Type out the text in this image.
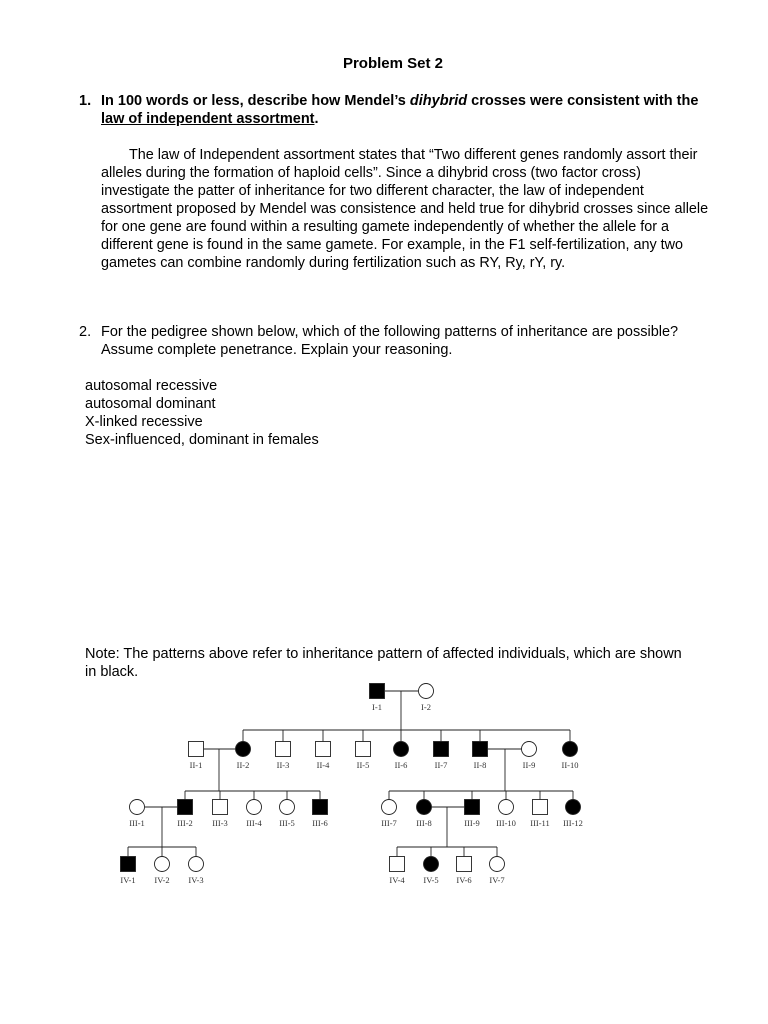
Problem Set 2
1. In 100 words or less, describe how Mendel’s dihybrid crosses were consistent with the law of independent assortment.
The law of Independent assortment states that “Two different genes randomly assort their alleles during the formation of haploid cells”. Since a dihybrid cross (two factor cross) investigate the patter of inheritance for two different character, the law of independent assortment proposed by Mendel was consistence and held true for dihybrid crosses since allele for one gene are found within a resulting gamete independently of whether the allele for a different gene is found in the same gamete. For example, in the F1 self-fertilization, any two gametes can combine randomly during fertilization such as RY, Ry, rY, ry.
2. For the pedigree shown below, which of the following patterns of inheritance are possible? Assume complete penetrance. Explain your reasoning.
autosomal recessive
autosomal dominant
X-linked recessive
Sex-influenced, dominant in females
Note: The patterns above refer to inheritance pattern of affected individuals, which are shown in black.
I-1	I-2
II-1	II-2	II-3	II-4	II-5	II-6	II-7	II-8	II-9	II-10
III-1	III-2 III-3 III-4 III-5 III-6	III-7 III-8	III-9 III-10 III-11 III-12
IV-1 IV-2 IV-3	IV-4 IV-5 IV-6 IV-7
